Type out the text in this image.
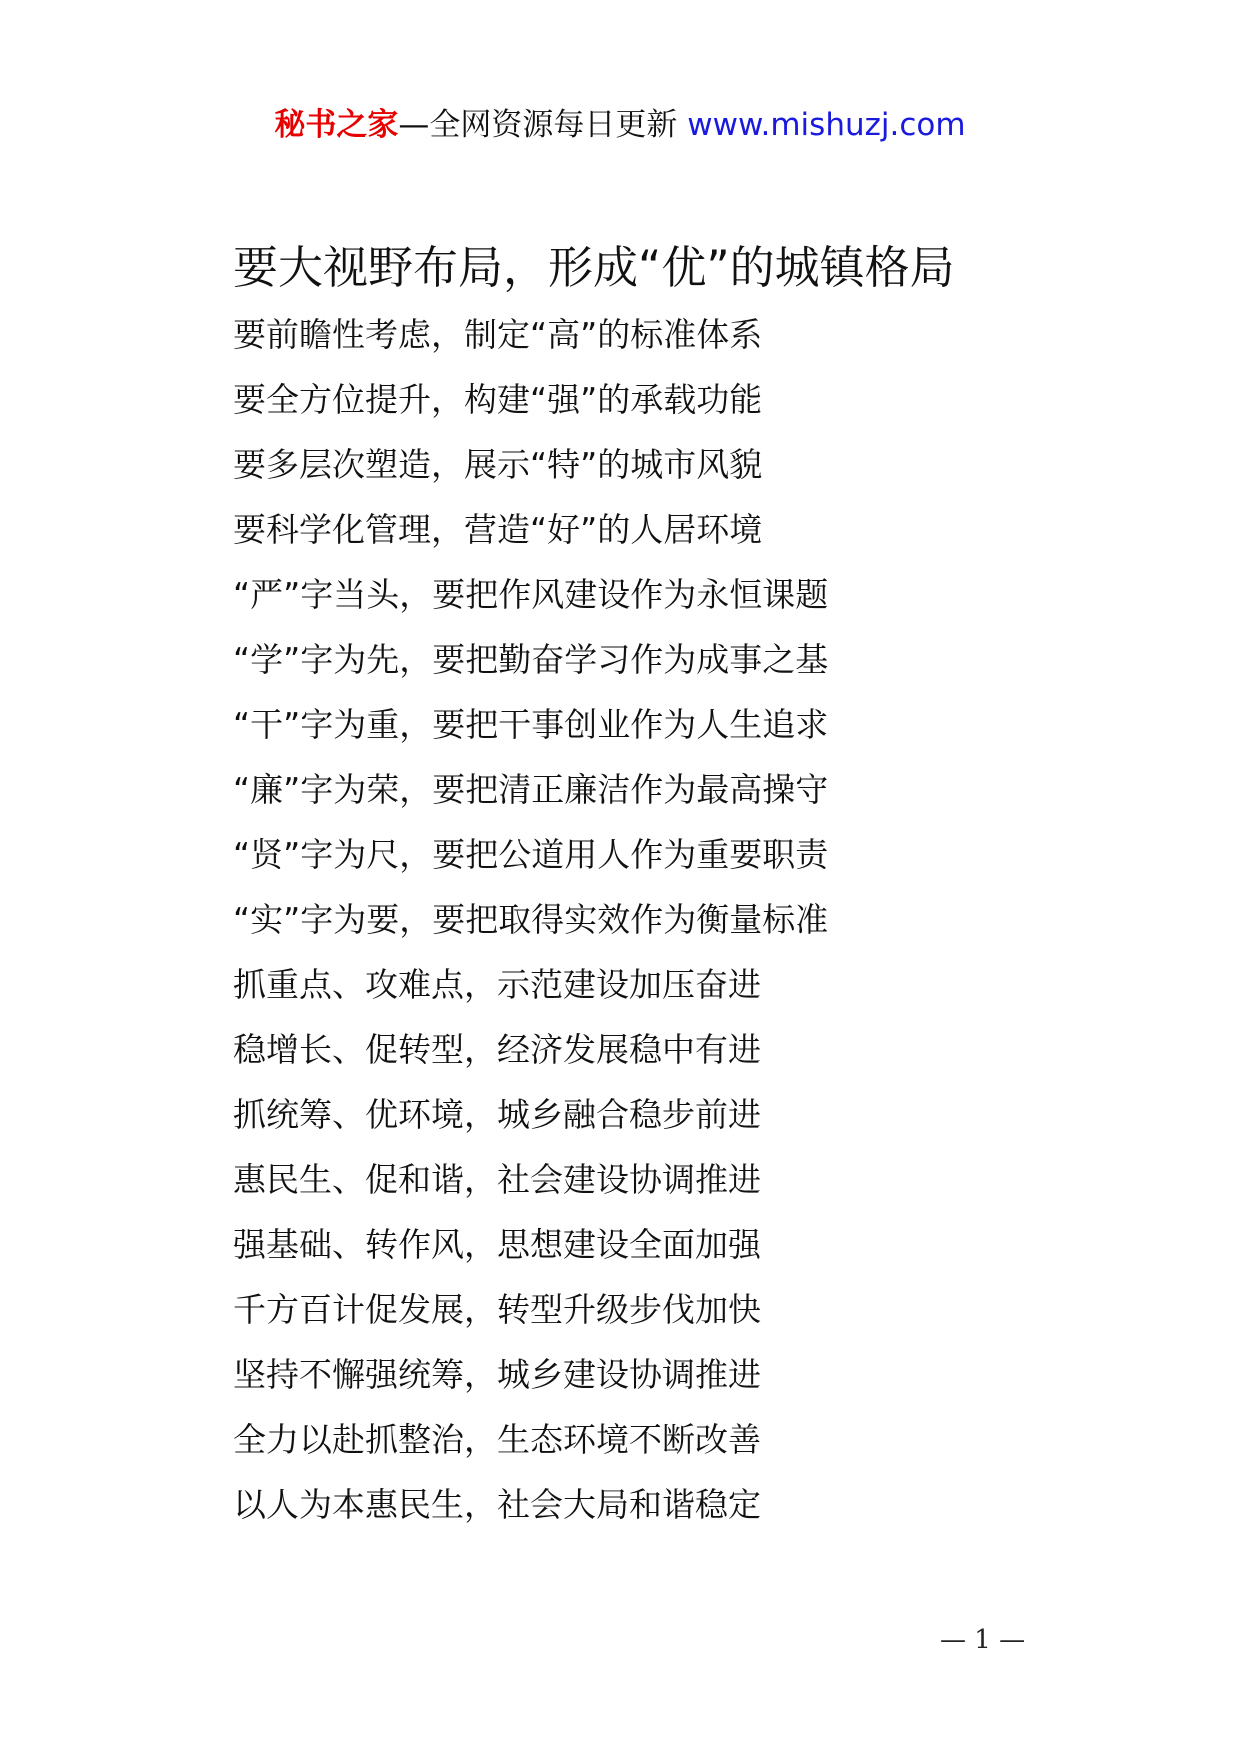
秘书之家—全网资源每日更新 www.mishuzj.com
要大视野布局，形成“优”的城镇格局
要前瞻性考虑，制定“高”的标准体系
要全方位提升，构建“强”的承载功能
要多层次塑造，展示“特”的城市风貌
要科学化管理，营造“好”的人居环境
“严”字当头，要把作风建设作为永恒课题
“学”字为先，要把勤奋学习作为成事之基
“干”字为重，要把干事创业作为人生追求
“廉”字为荣，要把清正廉洁作为最高操守
“贤”字为尺，要把公道用人作为重要职责
“实”字为要，要把取得实效作为衡量标准
抓重点、攻难点，示范建设加压奋进
稳增长、促转型，经济发展稳中有进
抓统筹、优环境，城乡融合稳步前进
惠民生、促和谐，社会建设协调推进
强基础、转作风，思想建设全面加强
千方百计促发展，转型升级步伐加快
坚持不懈强统筹，城乡建设协调推进
全力以赴抓整治，生态环境不断改善
以人为本惠民生，社会大局和谐稳定
— 1 —
